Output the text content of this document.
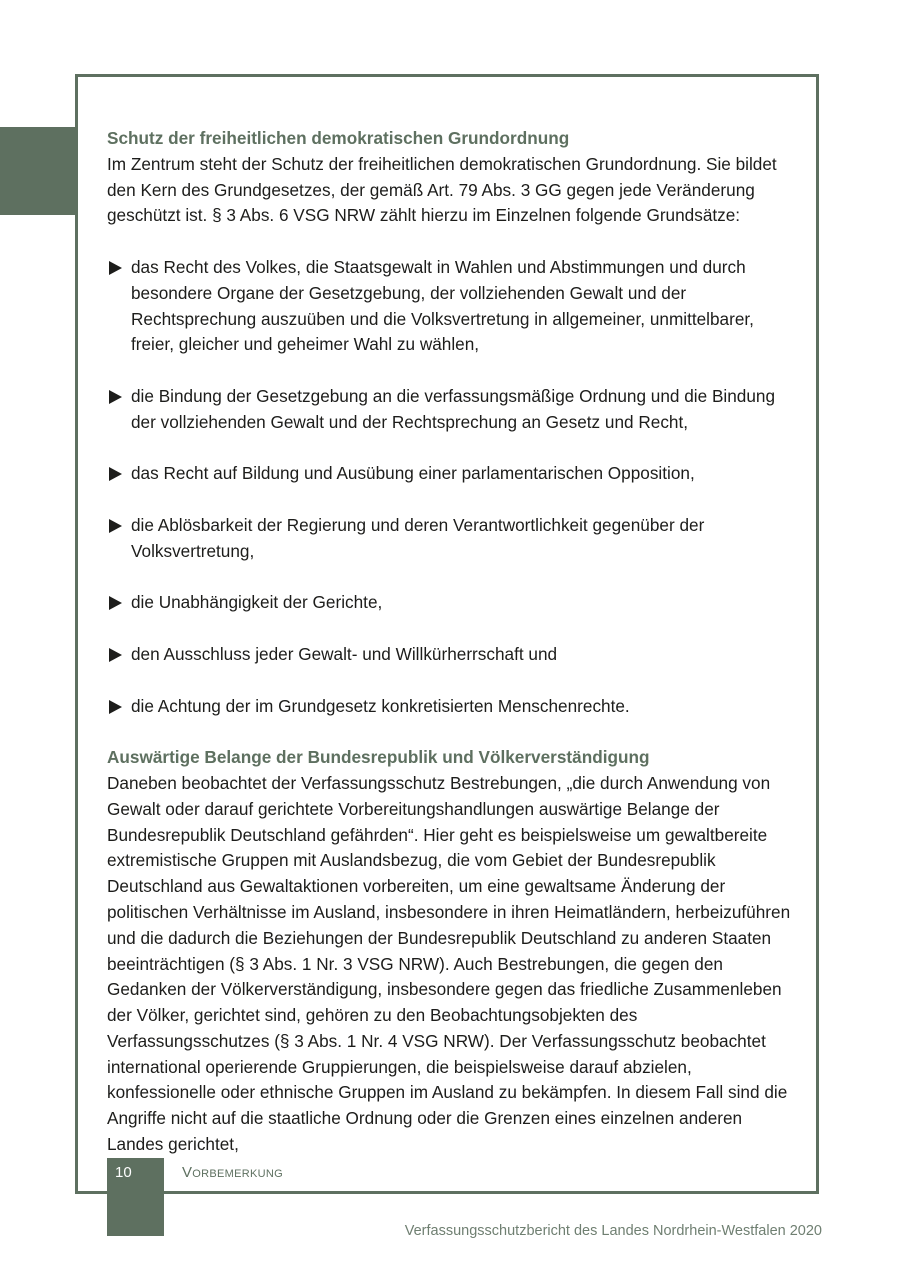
Schutz der freiheitlichen demokratischen Grundordnung

Im Zentrum steht der Schutz der freiheitlichen demokratischen Grundordnung. Sie bildet den Kern des Grundgesetzes, der gemäß Art. 79 Abs. 3 GG gegen jede Veränderung geschützt ist. § 3 Abs. 6 VSG NRW zählt hierzu im Einzelnen folgende Grundsätze:

das Recht des Volkes, die Staatsgewalt in Wahlen und Abstimmungen und durch besondere Organe der Gesetzgebung, der vollziehenden Gewalt und der Rechtsprechung auszuüben und die Volksvertretung in allgemeiner, unmittelbarer, freier, gleicher und geheimer Wahl zu wählen,
die Bindung der Gesetzgebung an die verfassungsmäßige Ordnung und die Bindung der vollziehenden Gewalt und der Rechtsprechung an Gesetz und Recht,
das Recht auf Bildung und Ausübung einer parlamentarischen Opposition,
die Ablösbarkeit der Regierung und deren Verantwortlichkeit gegenüber der Volksvertretung,
die Unabhängigkeit der Gerichte,
den Ausschluss jeder Gewalt- und Willkürherrschaft und
die Achtung der im Grundgesetz konkretisierten Menschenrechte.

Auswärtige Belange der Bundesrepublik und Völkerverständigung

Daneben beobachtet der Verfassungsschutz Bestrebungen, „die durch Anwendung von Gewalt oder darauf gerichtete Vorbereitungshandlungen auswärtige Belange der Bundesrepublik Deutschland gefährden“. Hier geht es beispielsweise um gewaltbereite extremistische Gruppen mit Auslandsbezug, die vom Gebiet der Bundesrepublik Deutschland aus Gewaltaktionen vorbereiten, um eine gewaltsame Änderung der politischen Verhältnisse im Ausland, insbesondere in ihren Heimatländern, herbeizuführen und die dadurch die Beziehungen der Bundesrepublik Deutschland zu anderen Staaten beeinträchtigen (§ 3 Abs. 1 Nr. 3 VSG NRW). Auch Bestrebungen, die gegen den Gedanken der Völkerverständigung, insbesondere gegen das friedliche Zusammenleben der Völker, gerichtet sind, gehören zu den Beobachtungsobjekten des Verfassungsschutzes (§ 3 Abs. 1 Nr. 4 VSG NRW). Der Verfassungsschutz beobachtet international operierende Gruppierungen, die beispielsweise darauf abzielen, konfessionelle oder ethnische Gruppen im Ausland zu bekämpfen. In diesem Fall sind die Angriffe nicht auf die staatliche Ordnung oder die Grenzen eines einzelnen anderen Landes gerichtet,

10	Vorbemerkung
Verfassungsschutzbericht des Landes Nordrhein-Westfalen 2020
